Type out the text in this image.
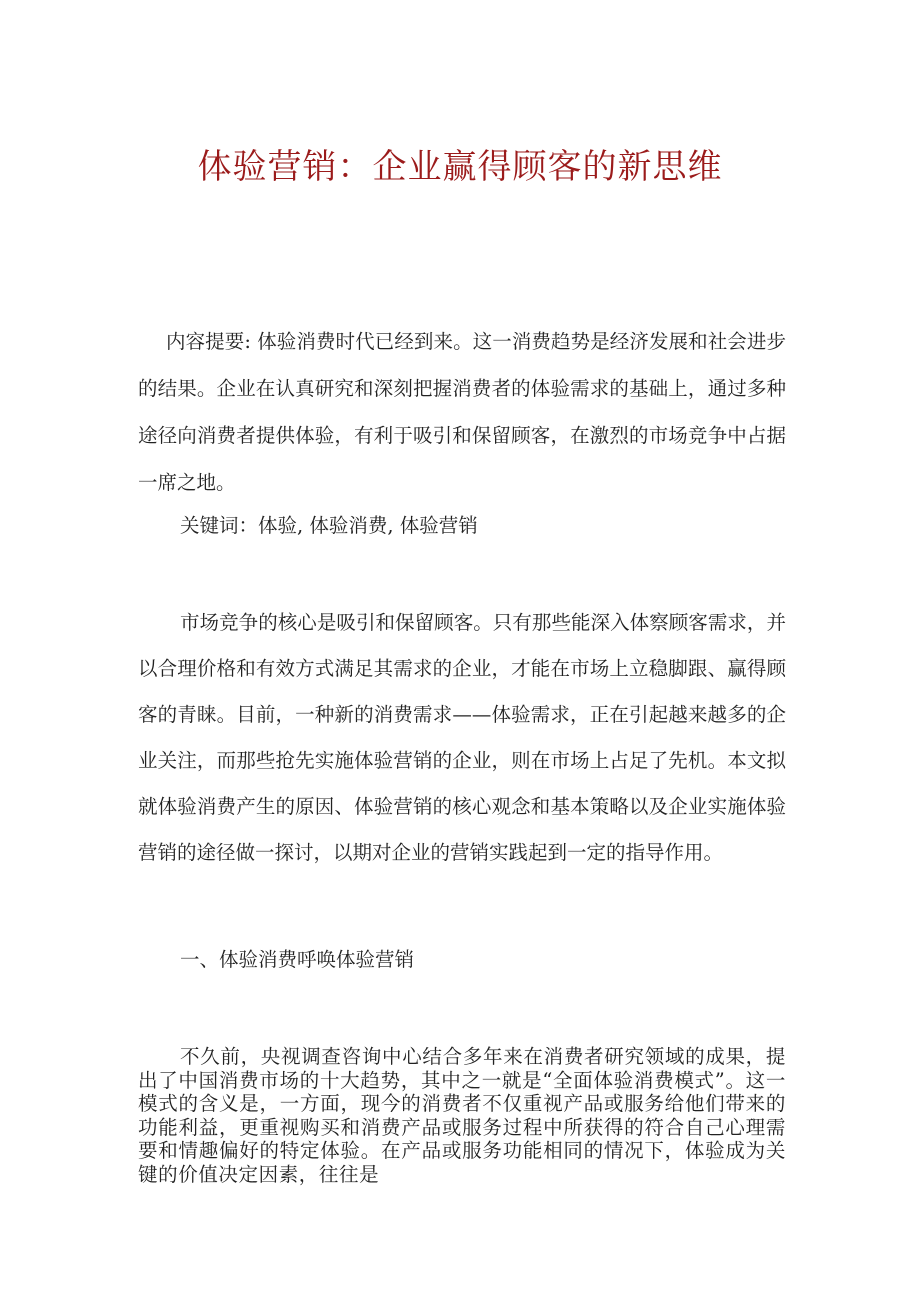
体验营销：企业赢得顾客的新思维

内容提要: 体验消费时代已经到来。这一消费趋势是经济发展和社会进步的结果。企业在认真研究和深刻把握消费者的体验需求的基础上，通过多种途径向消费者提供体验，有利于吸引和保留顾客，在激烈的市场竞争中占据一席之地。

关键词：体验, 体验消费, 体验营销

市场竞争的核心是吸引和保留顾客。只有那些能深入体察顾客需求，并以合理价格和有效方式满足其需求的企业，才能在市场上立稳脚跟、赢得顾客的青睐。目前，一种新的消费需求——体验需求，正在引起越来越多的企业关注，而那些抢先实施体验营销的企业，则在市场上占足了先机。本文拟就体验消费产生的原因、体验营销的核心观念和基本策略以及企业实施体验营销的途径做一探讨，以期对企业的营销实践起到一定的指导作用。

一、体验消费呼唤体验营销

不久前，央视调查咨询中心结合多年来在消费者研究领域的成果，提出了中国消费市场的十大趋势，其中之一就是“全面体验消费模式”。这一模式的含义是，一方面，现今的消费者不仅重视产品或服务给他们带来的功能利益，更重视购买和消费产品或服务过程中所获得的符合自己心理需要和情趣偏好的特定体验。在产品或服务功能相同的情况下，体验成为关键的价值决定因素，往往是
